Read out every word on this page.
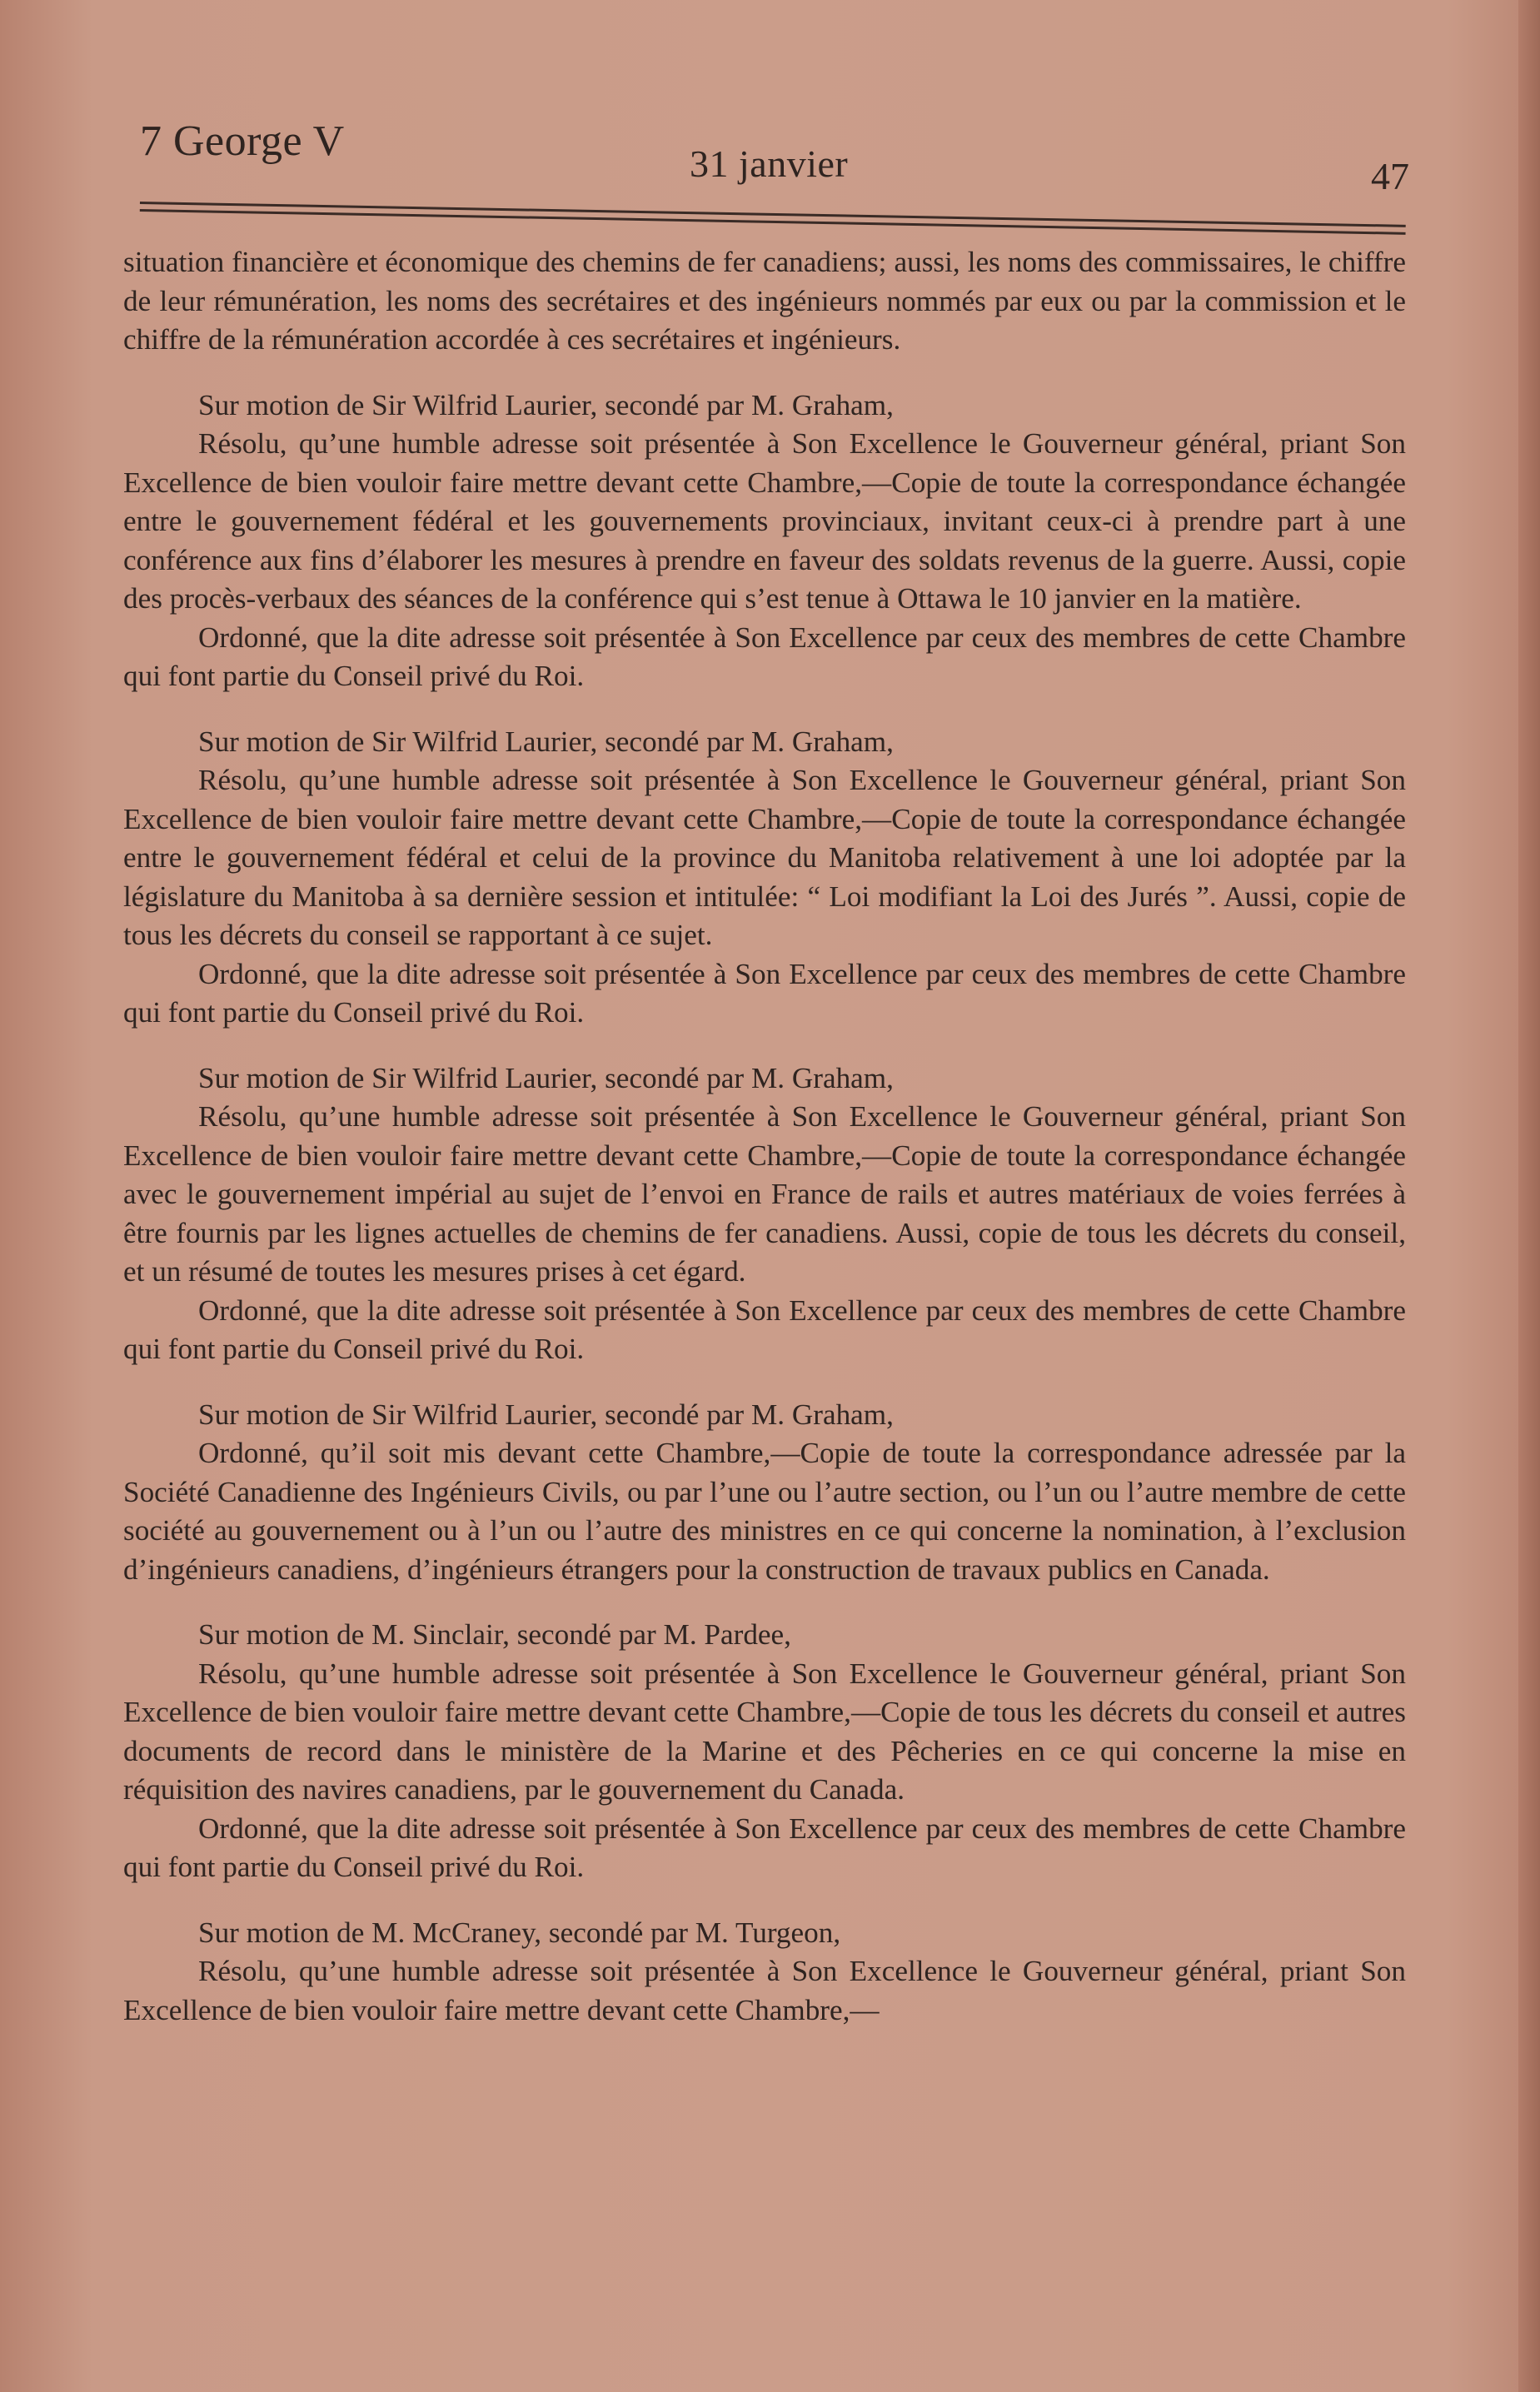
7 George V	31 janvier	47

situation financière et économique des chemins de fer canadiens; aussi, les noms des commissaires, le chiffre de leur rémunération, les noms des secrétaires et des ingénieurs nommés par eux ou par la commission et le chiffre de la rémunération accordée à ces secrétaires et ingénieurs.

Sur motion de Sir Wilfrid Laurier, secondé par M. Graham,

Résolu, qu’une humble adresse soit présentée à Son Excellence le Gouverneur général, priant Son Excellence de bien vouloir faire mettre devant cette Chambre,—Copie de toute la correspondance échangée entre le gouvernement fédéral et les gouvernements provinciaux, invitant ceux-ci à prendre part à une conférence aux fins d’élaborer les mesures à prendre en faveur des soldats revenus de la guerre. Aussi, copie des procès-verbaux des séances de la conférence qui s’est tenue à Ottawa le 10 janvier en la matière.

Ordonné, que la dite adresse soit présentée à Son Excellence par ceux des membres de cette Chambre qui font partie du Conseil privé du Roi.

Sur motion de Sir Wilfrid Laurier, secondé par M. Graham,

Résolu, qu’une humble adresse soit présentée à Son Excellence le Gouverneur général, priant Son Excellence de bien vouloir faire mettre devant cette Chambre,—Copie de toute la correspondance échangée entre le gouvernement fédéral et celui de la province du Manitoba relativement à une loi adoptée par la législature du Manitoba à sa dernière session et intitulée: “ Loi modifiant la Loi des Jurés ”. Aussi, copie de tous les décrets du conseil se rapportant à ce sujet.

Ordonné, que la dite adresse soit présentée à Son Excellence par ceux des membres de cette Chambre qui font partie du Conseil privé du Roi.

Sur motion de Sir Wilfrid Laurier, secondé par M. Graham,

Résolu, qu’une humble adresse soit présentée à Son Excellence le Gouverneur général, priant Son Excellence de bien vouloir faire mettre devant cette Chambre,—Copie de toute la correspondance échangée avec le gouvernement impérial au sujet de l’envoi en France de rails et autres matériaux de voies ferrées à être fournis par les lignes actuelles de chemins de fer canadiens. Aussi, copie de tous les décrets du conseil, et un résumé de toutes les mesures prises à cet égard.

Ordonné, que la dite adresse soit présentée à Son Excellence par ceux des membres de cette Chambre qui font partie du Conseil privé du Roi.

Sur motion de Sir Wilfrid Laurier, secondé par M. Graham,

Ordonné, qu’il soit mis devant cette Chambre,—Copie de toute la correspondance adressée par la Société Canadienne des Ingénieurs Civils, ou par l’une ou l’autre section, ou l’un ou l’autre membre de cette société au gouvernement ou à l’un ou l’autre des ministres en ce qui concerne la nomination, à l’exclusion d’ingénieurs canadiens, d’ingénieurs étrangers pour la construction de travaux publics en Canada.

Sur motion de M. Sinclair, secondé par M. Pardee,

Résolu, qu’une humble adresse soit présentée à Son Excellence le Gouverneur général, priant Son Excellence de bien vouloir faire mettre devant cette Chambre,—Copie de tous les décrets du conseil et autres documents de record dans le ministère de la Marine et des Pêcheries en ce qui concerne la mise en réquisition des navires canadiens, par le gouvernement du Canada.

Ordonné, que la dite adresse soit présentée à Son Excellence par ceux des membres de cette Chambre qui font partie du Conseil privé du Roi.

Sur motion de M. McCraney, secondé par M. Turgeon,

Résolu, qu’une humble adresse soit présentée à Son Excellence le Gouverneur général, priant Son Excellence de bien vouloir faire mettre devant cette Chambre,—
